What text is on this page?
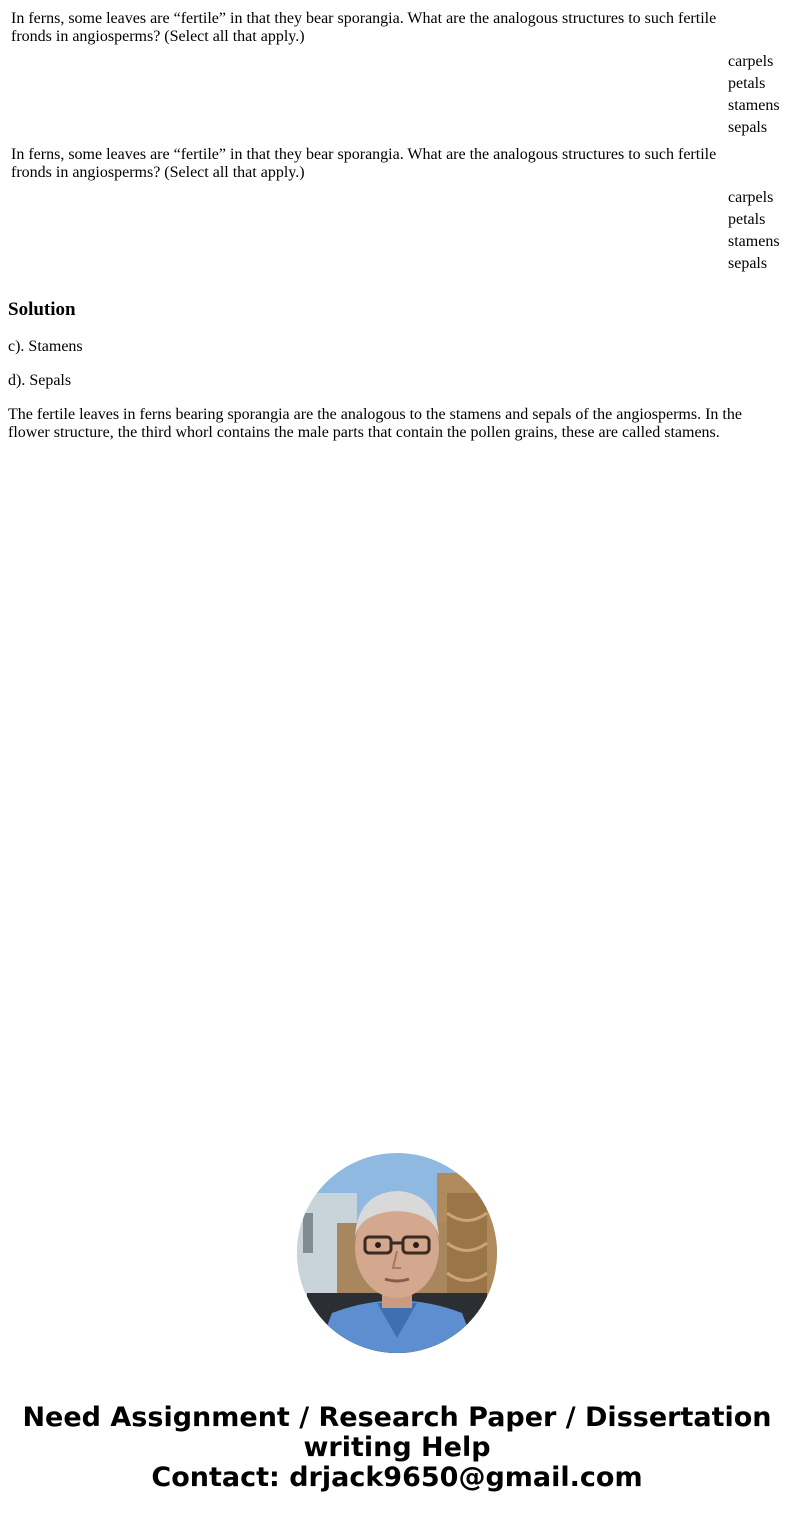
In ferns, some leaves are “fertile” in that they bear sporangia. What are the analogous structures to such fertile fronds in angiosperms? (Select all that apply.)

carpels
petals
stamens
sepals

In ferns, some leaves are “fertile” in that they bear sporangia. What are the analogous structures to such fertile fronds in angiosperms? (Select all that apply.)

carpels
petals
stamens
sepals
Solution

c). Stamens

d). Sepals

The fertile leaves in ferns bearing sporangia are the analogous to the stamens and sepals of the angiosperms. In the flower structure, the third whorl contains the male parts that contain the pollen grains, these are called stamens.

Need Assignment / Research Paper / Dissertation
writing Help
Contact: drjack9650@gmail.com
